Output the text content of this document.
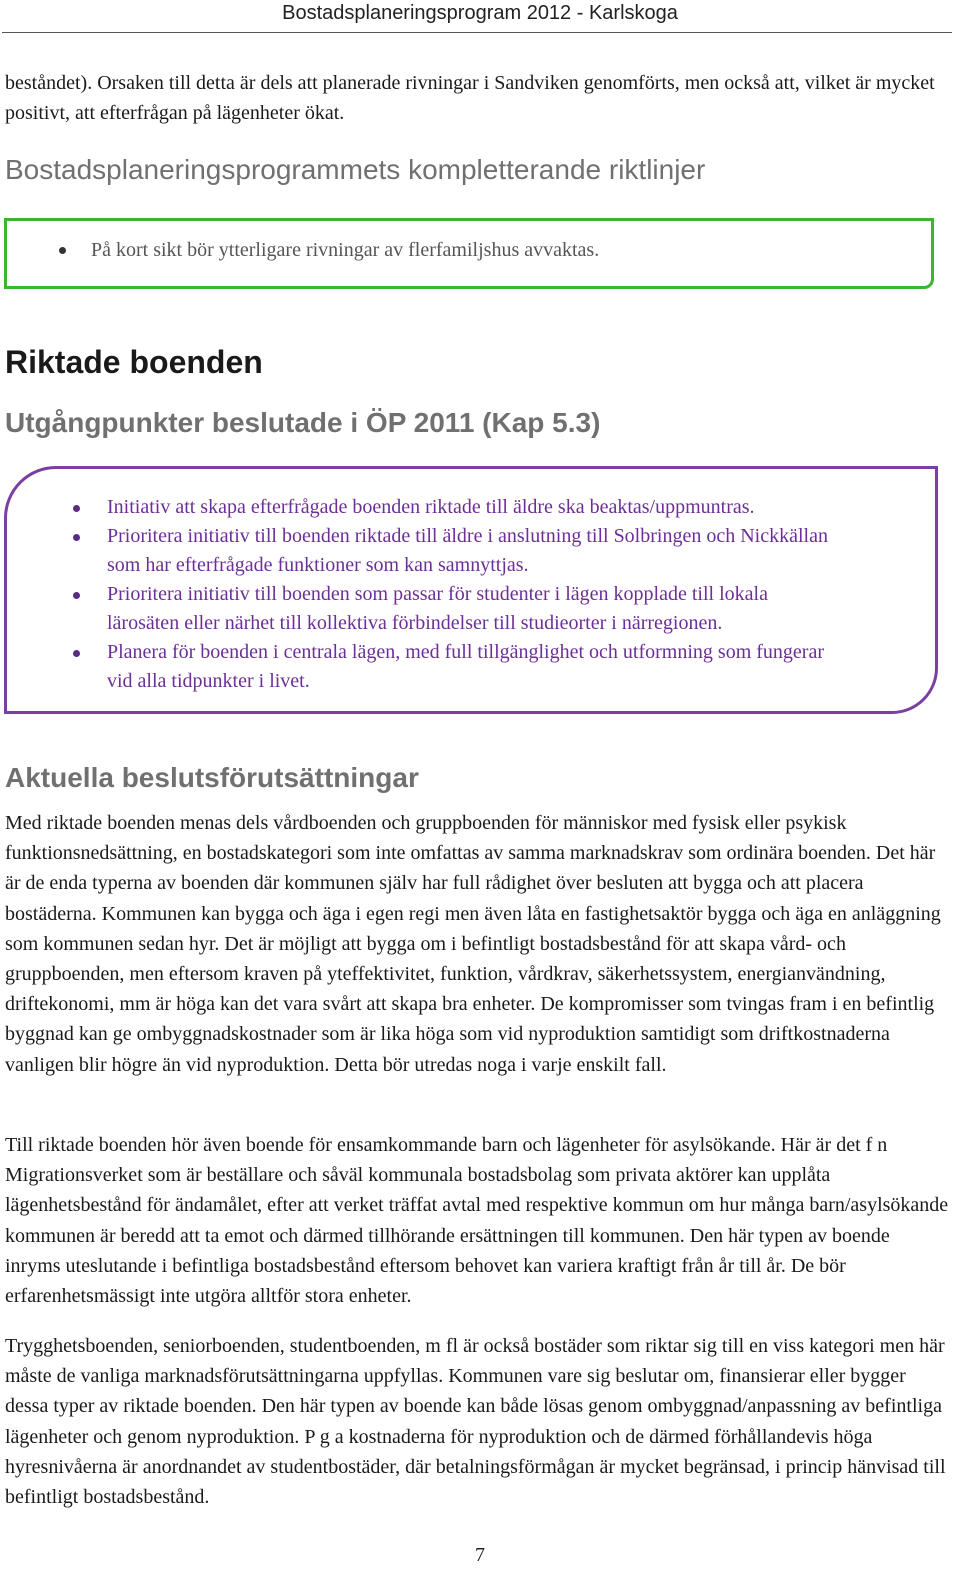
Bostadsplaneringsprogram 2012 - Karlskoga

beståndet). Orsaken till detta är dels att planerade rivningar i Sandviken genomförts, men också att, vilket är mycket positivt, att efterfrågan på lägenheter ökat.

Bostadsplaneringsprogrammets kompletterande riktlinjer
På kort sikt bör ytterligare rivningar av flerfamiljshus avvaktas.
Riktade boenden
Utgångpunkter beslutade i ÖP 2011 (Kap 5.3)
Initiativ att skapa efterfrågade boenden riktade till äldre ska beaktas/uppmuntras.
Prioritera initiativ till boenden riktade till äldre i anslutning till Solbringen och Nickkällan som har efterfrågade funktioner som kan samnyttjas.
Prioritera initiativ till boenden som passar för studenter i lägen kopplade till lokala lärosäten eller närhet till kollektiva förbindelser till studieorter i närregionen.
Planera för boenden i centrala lägen, med full tillgänglighet och utformning som fungerar vid alla tidpunkter i livet.
Aktuella beslutsförutsättningar

Med riktade boenden menas dels vårdboenden och gruppboenden för människor med fysisk eller psykisk funktionsnedsättning, en bostadskategori som inte omfattas av samma marknadskrav som ordinära boenden. Det här är de enda typerna av boenden där kommunen själv har full rådighet över besluten att bygga och att placera bostäderna. Kommunen kan bygga och äga i egen regi men även låta en fastighetsaktör bygga och äga en anläggning som kommunen sedan hyr. Det är möjligt att bygga om i befintligt bostadsbestånd för att skapa vård- och gruppboenden, men eftersom kraven på yteffektivitet, funktion, vårdkrav, säkerhetssystem, energianvändning, driftekonomi, mm är höga kan det vara svårt att skapa bra enheter. De kompromisser som tvingas fram i en befintlig byggnad kan ge ombyggnadskostnader som är lika höga som vid nyproduktion samtidigt som driftkostnaderna vanligen blir högre än vid nyproduktion. Detta bör utredas noga i varje enskilt fall.

Till riktade boenden hör även boende för ensamkommande barn och lägenheter för asylsökande. Här är det f n Migrationsverket som är beställare och såväl kommunala bostadsbolag som privata aktörer kan upplåta lägenhetsbestånd för ändamålet, efter att verket träffat avtal med respektive kommun om hur många barn/asylsökande kommunen är beredd att ta emot och därmed tillhörande ersättningen till kommunen. Den här typen av boende inryms uteslutande i befintliga bostadsbestånd eftersom behovet kan variera kraftigt från år till år. De bör erfarenhetsmässigt inte utgöra alltför stora enheter.

Trygghetsboenden, seniorboenden, studentboenden, m fl är också bostäder som riktar sig till en viss kategori men här måste de vanliga marknadsförutsättningarna uppfyllas. Kommunen vare sig beslutar om, finansierar eller bygger dessa typer av riktade boenden. Den här typen av boende kan både lösas genom ombyggnad/anpassning av befintliga lägenheter och genom nyproduktion. P g a kostnaderna för nyproduktion och de därmed förhållandevis höga hyresnivåerna är anordnandet av studentbostäder, där betalningsförmågan är mycket begränsad, i princip hänvisad till befintligt bostadsbestånd.

7
